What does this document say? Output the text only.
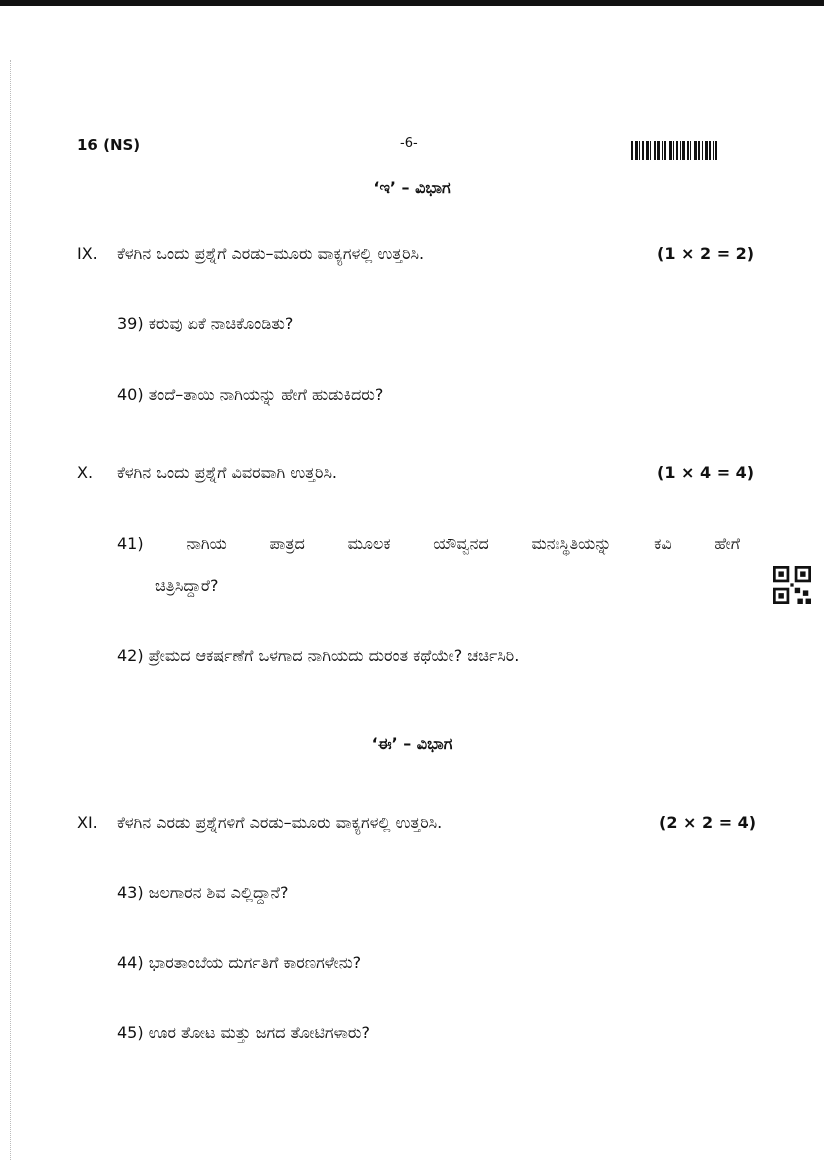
16 (NS)	-6-
‘ಇ’ – ವಿಭಾಗ
IX. ಕೆಳಗಿನ ಒಂದು ಪ್ರಶ್ನೆಗೆ ಎರಡು–ಮೂರು ವಾಕ್ಯಗಳಲ್ಲಿ ಉತ್ತರಿಸಿ.	(1 × 2 = 2)
39) ಕರುವು ಏಕೆ ನಾಚಿಕೊಂಡಿತು?
40) ತಂದೆ–ತಾಯಿ ನಾಗಿಯನ್ನು ಹೇಗೆ ಹುಡುಕಿದರು?
X. ಕೆಳಗಿನ ಒಂದು ಪ್ರಶ್ನೆಗೆ ವಿವರವಾಗಿ ಉತ್ತರಿಸಿ.	(1 × 4 = 4)
41) ನಾಗಿಯ ಪಾತ್ರದ ಮೂಲಕ ಯೌವ್ವನದ ಮನಃಸ್ಥಿತಿಯನ್ನು ಕವಿ ಹೇಗೆ
ಚಿತ್ರಿಸಿದ್ದಾರೆ?
42) ಪ್ರೇಮದ ಆಕರ್ಷಣೆಗೆ ಒಳಗಾದ ನಾಗಿಯದು ದುರಂತ ಕಥೆಯೇ? ಚರ್ಚಿಸಿರಿ.
‘ಈ’ – ವಿಭಾಗ
XI. ಕೆಳಗಿನ ಎರಡು ಪ್ರಶ್ನೆಗಳಿಗೆ ಎರಡು–ಮೂರು ವಾಕ್ಯಗಳಲ್ಲಿ ಉತ್ತರಿಸಿ.	(2 × 2 = 4)
43) ಜಲಗಾರನ ಶಿವ ಎಲ್ಲಿದ್ದಾನೆ?
44) ಭಾರತಾಂಬೆಯ ದುರ್ಗತಿಗೆ ಕಾರಣಗಳೇನು?
45) ಊರ ತೋಟ ಮತ್ತು ಜಗದ ತೋಟಿಗಳಾರು?
